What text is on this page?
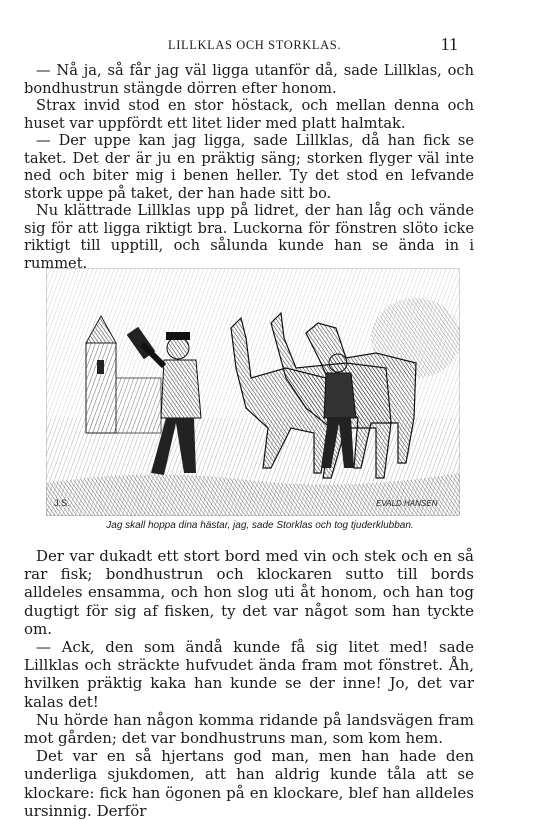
LILLKLAS OCH STORKLAS.	11

— Nå ja, så får jag väl ligga utanför då, sade Lillklas, och bondhustrun stängde dörren efter honom.

Strax invid stod en stor höstack, och mellan denna och huset var uppfördt ett litet lider med platt halmtak.

— Der uppe kan jag ligga, sade Lillklas, då han fick se taket. Det der är ju en präktig säng; storken flyger väl inte ned och biter mig i benen heller. Ty det stod en lefvande stork uppe på taket, der han hade sitt bo.

Nu klättrade Lillklas upp på lidret, der han låg och vände sig för att ligga riktigt bra. Luckorna för fönstren slöto icke riktigt till upptill, och sålunda kunde han se ända in i rummet.

J.S.	EVALD HANSEN
Jag skall hoppa dina hästar, jag, sade Storklas och tog tjuderklubban.

Der var dukadt ett stort bord med vin och stek och en så rar fisk; bondhustrun och klockaren sutto till bords alldeles ensamma, och hon slog uti åt honom, och han tog dugtigt för sig af fisken, ty det var något som han tyckte om.

— Ack, den som ändå kunde få sig litet med! sade Lillklas och sträckte hufvudet ända fram mot fönstret. Åh, hvilken präktig kaka han kunde se der inne! Jo, det var kalas det!

Nu hörde han någon komma ridande på landsvägen fram mot gården; det var bondhustruns man, som kom hem.

Det var en så hjertans god man, men han hade den underliga sjukdomen, att han aldrig kunde tåla att se klockare: fick han ögonen på en klockare, blef han alldeles ursinnig. Derför
